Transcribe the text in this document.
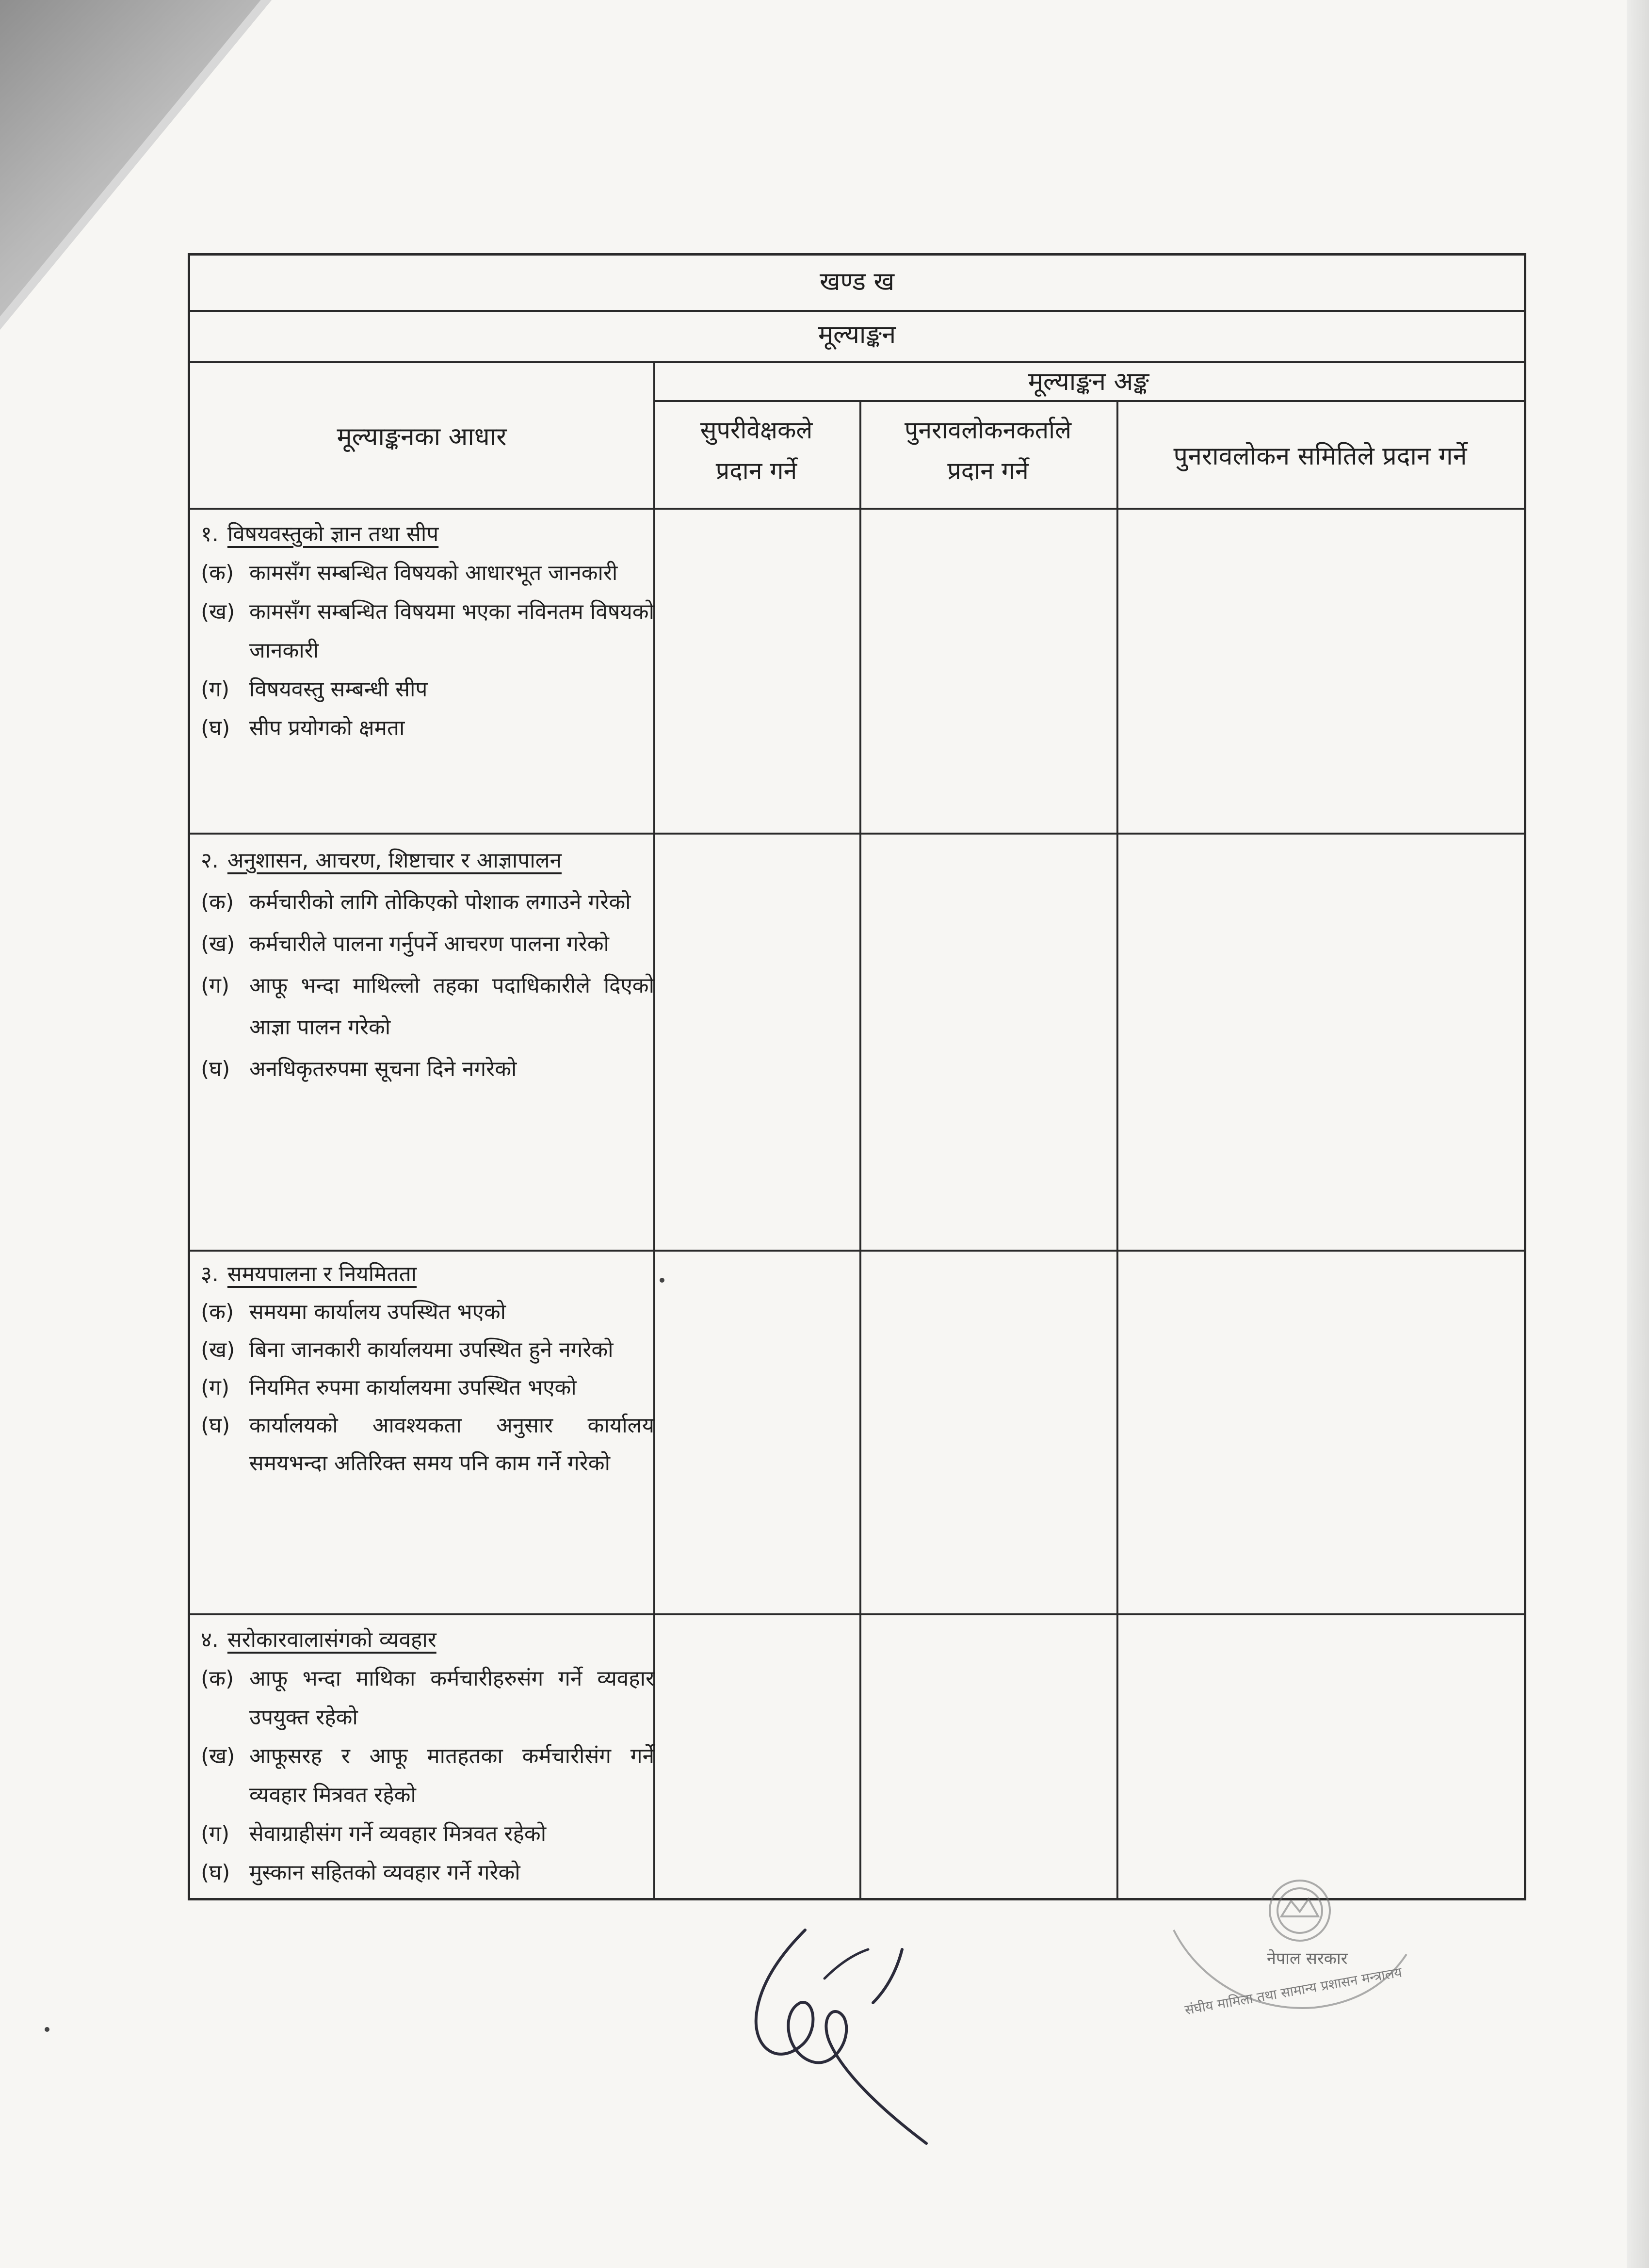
खण्ड ख
मूल्याङ्कन
मूल्याङ्कनका आधार
मूल्याङ्कन अङ्क
सुपरीवेक्षकले
प्रदान गर्ने
पुनरावलोकनकर्ताले
प्रदान गर्ने	पुनरावलोकन समितिले प्रदान गर्ने
१. विषयवस्तुको ज्ञान तथा सीप
(क) कामसँग सम्बन्धित विषयको आधारभूत जानकारी
(ख) कामसँग सम्बन्धित विषयमा भएका नविनतम विषयको जानकारी
(ग) विषयवस्तु सम्बन्धी सीप
(घ) सीप प्रयोगको क्षमता
२. अनुशासन, आचरण, शिष्टाचार र आज्ञापालन
(क) कर्मचारीको लागि तोकिएको पोशाक लगाउने गरेको
(ख) कर्मचारीले पालना गर्नुपर्ने आचरण पालना गरेको
(ग) आफू भन्दा माथिल्लो तहका पदाधिकारीले दिएको आज्ञा पालन गरेको
(घ) अनधिकृतरुपमा सूचना दिने नगरेको
३. समयपालना र नियमितता
(क) समयमा कार्यालय उपस्थित भएको
(ख) बिना जानकारी कार्यालयमा उपस्थित हुने नगरेको
(ग) नियमित रुपमा कार्यालयमा उपस्थित भएको
(घ) कार्यालयको आवश्यकता अनुसार कार्यालय समयभन्दा अतिरिक्त समय पनि काम गर्ने गरेको
४. सरोकारवालासंगको व्यवहार
(क) आफू भन्दा माथिका कर्मचारीहरुसंग गर्ने व्यवहार उपयुक्त रहेको
(ख) आफूसरह र आफू मातहतका कर्मचारीसंग गर्ने व्यवहार मित्रवत रहेको
(ग) सेवाग्राहीसंग गर्ने व्यवहार मित्रवत रहेको
(घ) मुस्कान सहितको व्यवहार गर्ने गरेको
नेपाल सरकार
संघीय मामिला तथा सामान्य प्रशासन मन्त्रालय
